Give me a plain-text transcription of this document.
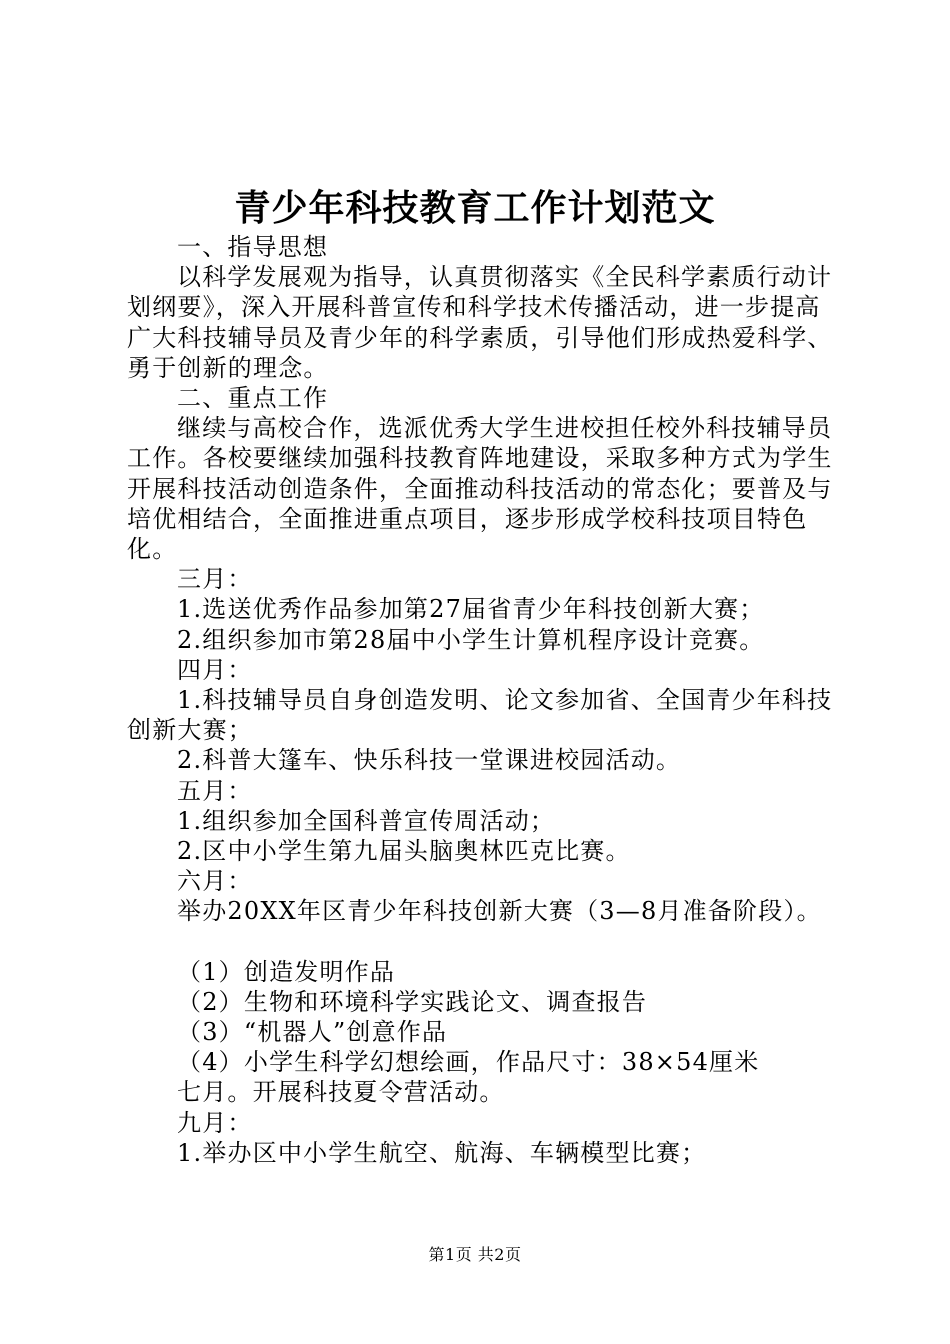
青少年科技教育工作计划范文

一、指导思想

以科学发展观为指导，认真贯彻落实《全民科学素质行动计划纲要》，深入开展科普宣传和科学技术传播活动，进一步提高广大科技辅导员及青少年的科学素质，引导他们形成热爱科学、勇于创新的理念。

二、重点工作

继续与高校合作，选派优秀大学生进校担任校外科技辅导员工作。各校要继续加强科技教育阵地建设，采取多种方式为学生开展科技活动创造条件，全面推动科技活动的常态化；要普及与培优相结合，全面推进重点项目，逐步形成学校科技项目特色化。

三月：

1.选送优秀作品参加第27届省青少年科技创新大赛；

2.组织参加市第28届中小学生计算机程序设计竞赛。

四月：

1.科技辅导员自身创造发明、论文参加省、全国青少年科技创新大赛；

2.科普大篷车、快乐科技一堂课进校园活动。

五月：

1.组织参加全国科普宣传周活动；

2.区中小学生第九届头脑奥林匹克比赛。

六月：

举办20XX年区青少年科技创新大赛（3—8月准备阶段）。

（1）创造发明作品

（2）生物和环境科学实践论文、调查报告

（3）“机器人”创意作品

（4）小学生科学幻想绘画，作品尺寸：38×54厘米

七月。开展科技夏令营活动。

九月：

1.举办区中小学生航空、航海、车辆模型比赛；

第1页 共2页
